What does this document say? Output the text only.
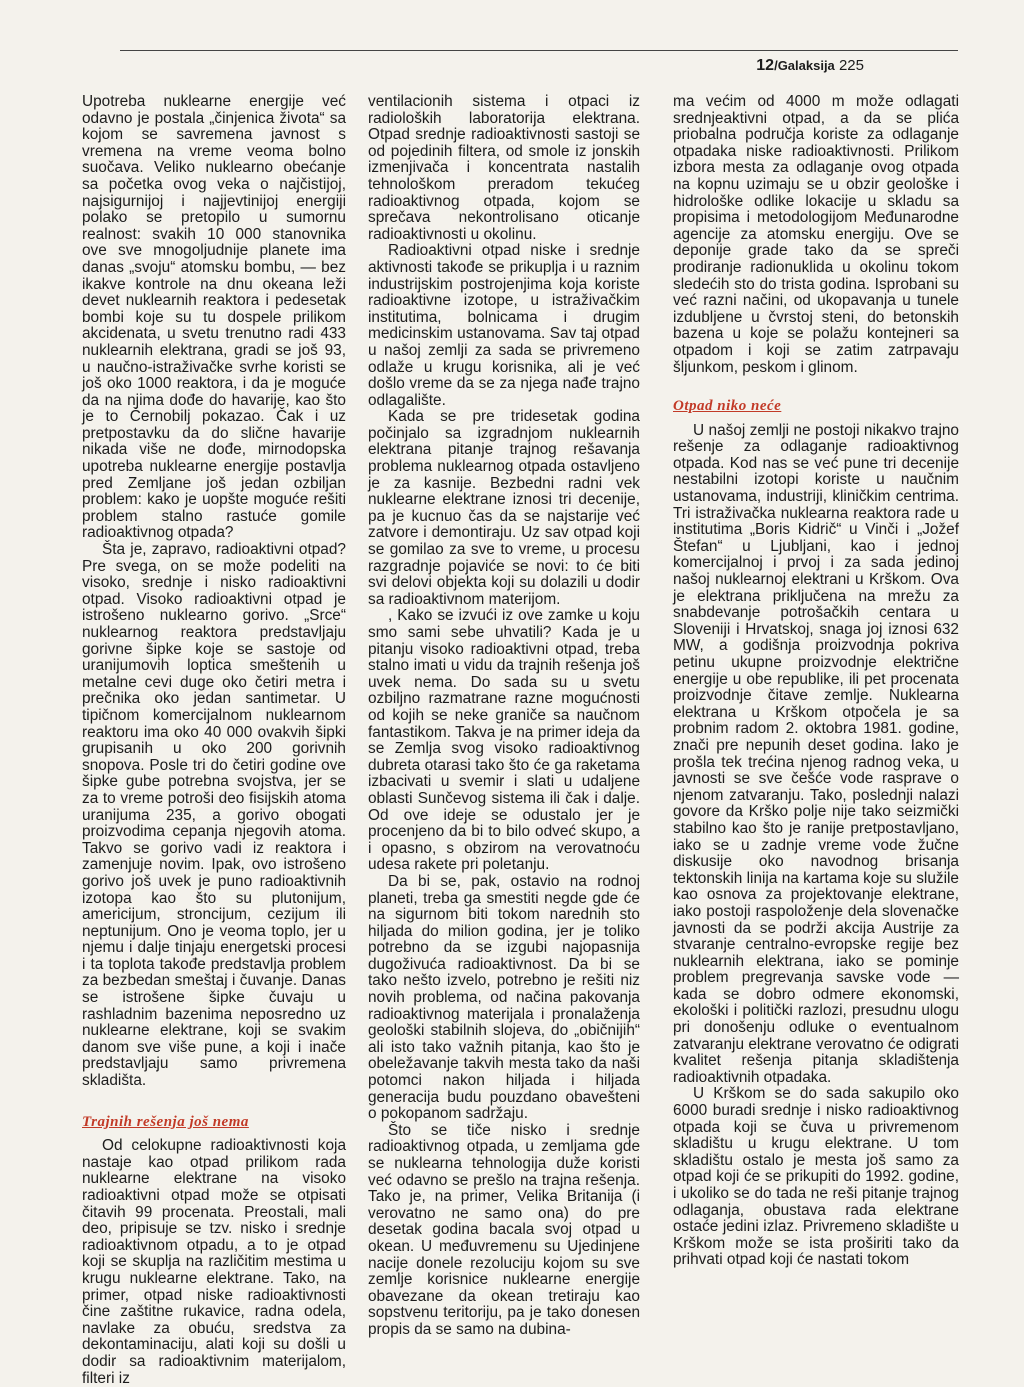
12/Galaksija 225

Upotreba nuklearne energije već odavno je postala „činjenica života“ sa kojom se savremena javnost s vremena na vreme veoma bolno suočava. Veliko nuklearno obećanje sa početka ovog veka o najčistijoj, najsigurnijoj i najjevtinijoj energiji polako se pretopilo u sumornu realnost: svakih 10 000 stanovnika ove sve mnogoljudnije planete ima danas „svoju“ atomsku bombu, — bez ikakve kontrole na dnu okeana leži devet nuklearnih reaktora i pedesetak bombi koje su tu dospele prilikom akcidenata, u svetu trenutno radi 433 nuklearnih elektrana, gradi se još 93, u naučno-istraživačke svrhe koristi se još oko 1000 reaktora, i da je moguće da na njima dođe do havarije, kao što je to Černobilj pokazao. Čak i uz pretpostavku da do slične havarije nikada više ne dođe, mirnodopska upotreba nuklearne energije postavlja pred Zemljane još jedan ozbiljan problem: kako je uopšte moguće rešiti problem stalno rastuće gomile radioaktivnog otpada?

Šta je, zapravo, radioaktivni otpad? Pre svega, on se može podeliti na visoko, srednje i nisko radioaktivni otpad. Visoko radioaktivni otpad je istrošeno nuklearno gorivo. „Srce“ nuklearnog reaktora predstavljaju gorivne šipke koje se sastoje od uranijumovih loptica smeštenih u metalne cevi duge oko četiri metra i prečnika oko jedan santimetar. U tipičnom komercijalnom nuklearnom reaktoru ima oko 40 000 ovakvih šipki grupisanih u oko 200 gorivnih snopova. Posle tri do četiri godine ove šipke gube potrebna svojstva, jer se za to vreme potroši deo fisijskih atoma uranijuma 235, a gorivo obogati proizvodima cepanja njegovih atoma. Takvo se gorivo vadi iz reaktora i zamenjuje novim. Ipak, ovo istrošeno gorivo još uvek je puno radioaktivnih izotopa kao što su plutonijum, americijum, stroncijum, cezijum ili neptunijum. Ono je veoma toplo, jer u njemu i dalje tinjaju energetski procesi i ta toplota takođe predstavlja problem za bezbedan smeštaj i čuvanje. Danas se istrošene šipke čuvaju u rashladnim bazenima neposredno uz nuklearne elektrane, koji se svakim danom sve više pune, a koji i inače predstavljaju samo privremena skladišta.

Trajnih rešenja još nema

Od celokupne radioaktivnosti koja nastaje kao otpad prilikom rada nuklearne elektrane na visoko radioaktivni otpad može se otpisati čitavih 99 procenata. Preostali, mali deo, pripisuje se tzv. nisko i srednje radioaktivnom otpadu, a to je otpad koji se skuplja na različitim mestima u krugu nuklearne elektrane. Tako, na primer, otpad niske radioaktivnosti čine zaštitne rukavice, radna odela, navlake za obuću, sredstva za dekontaminaciju, alati koji su došli u dodir sa radioaktivnim materijalom, filteri iz

ventilacionih sistema i otpaci iz radioloških laboratorija elektrana. Otpad srednje radioaktivnosti sastoji se od pojedinih filtera, od smole iz jonskih izmenjivača i koncentrata nastalih tehnološkom preradom tekućeg radioaktivnog otpada, kojom se sprečava nekontrolisano oticanje radioaktivnosti u okolinu.

Radioaktivni otpad niske i srednje aktivnosti takođe se prikuplja i u raznim industrijskim postrojenjima koja koriste radioaktivne izotope, u istraživačkim institutima, bolnicama i drugim medicinskim ustanovama. Sav taj otpad u našoj zemlji za sada se privremeno odlaže u krugu korisnika, ali je već došlo vreme da se za njega nađe trajno odlagalište.

Kada se pre tridesetak godina počinjalo sa izgradnjom nuklearnih elektrana pitanje trajnog rešavanja problema nuklearnog otpada ostavljeno je za kasnije. Bezbedni radni vek nuklearne elektrane iznosi tri decenije, pa je kucnuo čas da se najstarije već zatvore i demontiraju. Uz sav otpad koji se gomilao za sve to vreme, u procesu razgradnje pojaviće se novi: to će biti svi delovi objekta koji su dolazili u dodir sa radioaktivnom materijom.

, Kako se izvući iz ove zamke u koju smo sami sebe uhvatili? Kada je u pitanju visoko radioaktivni otpad, treba stalno imati u vidu da trajnih rešenja još uvek nema. Do sada su u svetu ozbiljno razmatrane razne mogućnosti od kojih se neke graniče sa naučnom fantastikom. Takva je na primer ideja da se Zemlja svog visoko radioaktivnog dubreta otarasi tako što će ga raketama izbacivati u svemir i slati u udaljene oblasti Sunčevog sistema ili čak i dalje. Od ove ideje se odustalo jer je procenjeno da bi to bilo odveć skupo, a i opasno, s obzirom na verovatnoću udesa rakete pri poletanju.

Da bi se, pak, ostavio na rodnoj planeti, treba ga smestiti negde gde će na sigurnom biti tokom narednih sto hiljada do milion godina, jer je toliko potrebno da se izgubi najopasnija dugoživuća radioaktivnost. Da bi se tako nešto izvelo, potrebno je rešiti niz novih problema, od načina pakovanja radioaktivnog materijala i pronalaženja geološki stabilnih slojeva, do „običnijih“ ali isto tako važnih pitanja, kao što je obeležavanje takvih mesta tako da naši potomci nakon hiljada i hiljada generacija budu pouzdano obavešteni o pokopanom sadržaju.

Što se tiče nisko i srednje radioaktivnog otpada, u zemljama gde se nuklearna tehnologija duže koristi već odavno se prešlo na trajna rešenja. Tako je, na primer, Velika Britanija (i verovatno ne samo ona) do pre desetak godina bacala svoj otpad u okean. U međuvremenu su Ujedinjene nacije donele rezoluciju kojom su sve zemlje korisnice nuklearne energije obavezane da okean tretiraju kao sopstvenu teritoriju, pa je tako donesen propis da se samo na dubina-

ma većim od 4000 m može odlagati srednjeaktivni otpad, a da se plića priobalna područja koriste za odlaganje otpadaka niske radioaktivnosti. Prilikom izbora mesta za odlaganje ovog otpada na kopnu uzimaju se u obzir geološke i hidrološke odlike lokacije u skladu sa propisima i metodologijom Međunarodne agencije za atomsku energiju. Ove se deponije grade tako da se spreči prodiranje radionuklida u okolinu tokom sledećih sto do trista godina. Isprobani su već razni načini, od ukopavanja u tunele izdubljene u čvrstoj steni, do betonskih bazena u koje se polažu kontejneri sa otpadom i koji se zatim zatrpavaju šljunkom, peskom i glinom.

Otpad niko neće

U našoj zemlji ne postoji nikakvo trajno rešenje za odlaganje radioaktivnog otpada. Kod nas se već pune tri decenije nestabilni izotopi koriste u naučnim ustanovama, industriji, kliničkim centrima. Tri istraživačka nuklearna reaktora rade u institutima „Boris Kidrič“ u Vinči i „Jožef Štefan“ u Ljubljani, kao i jednoj komercijalnoj i prvoj i za sada jedinoj našoj nuklearnoj elektrani u Krškom. Ova je elektrana priključena na mrežu za snabdevanje potrošačkih centara u Sloveniji i Hrvatskoj, snaga joj iznosi 632 MW, a godišnja proizvodnja pokriva petinu ukupne proizvodnje električne energije u obe republike, ili pet procenata proizvodnje čitave zemlje. Nuklearna elektrana u Krškom otpočela je sa probnim radom 2. oktobra 1981. godine, znači pre nepunih deset godina. Iako je prošla tek trećina njenog radnog veka, u javnosti se sve češće vode rasprave o njenom zatvaranju. Tako, poslednji nalazi govore da Krško polje nije tako seizmički stabilno kao što je ranije pretpostavljano, iako se u zadnje vreme vode žučne diskusije oko navodnog brisanja tektonskih linija na kartama koje su služile kao osnova za projektovanje elektrane, iako postoji raspoloženje dela slovenačke javnosti da se podrži akcija Austrije za stvaranje centralno-evropske regije bez nuklearnih elektrana, iako se pominje problem pregrevanja savske vode — kada se dobro odmere ekonomski, ekološki i politički razlozi, presudnu ulogu pri donošenju odluke o eventualnom zatvaranju elektrane verovatno će odigrati kvalitet rešenja pitanja skladištenja radioaktivnih otpadaka.

U Krškom se do sada sakupilo oko 6000 buradi srednje i nisko radioaktivnog otpada koji se čuva u privremenom skladištu u krugu elektrane. U tom skladištu ostalo je mesta još samo za otpad koji će se prikupiti do 1992. godine, i ukoliko se do tada ne reši pitanje trajnog odlaganja, obustava rada elektrane ostaće jedini izlaz. Privremeno skladište u Krškom može se ista proširiti tako da prihvati otpad koji će nastati tokom
